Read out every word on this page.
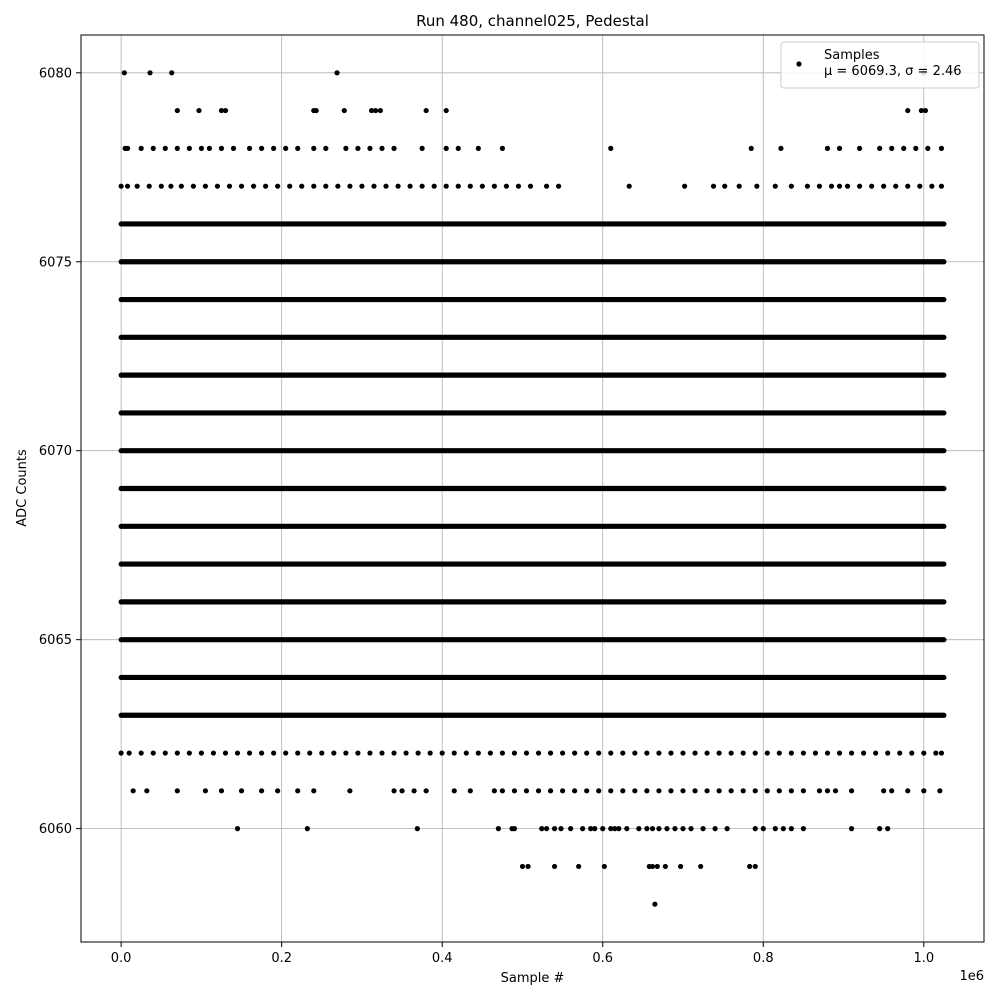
0.0	0.2	0.4	0.6	0.8	1.0
6060
6065
6070
6075
6080
Run 480, channel025, Pedestal
Sample #
ADC Counts
1e6
Samples
μ = 6069.3, σ = 2.46
